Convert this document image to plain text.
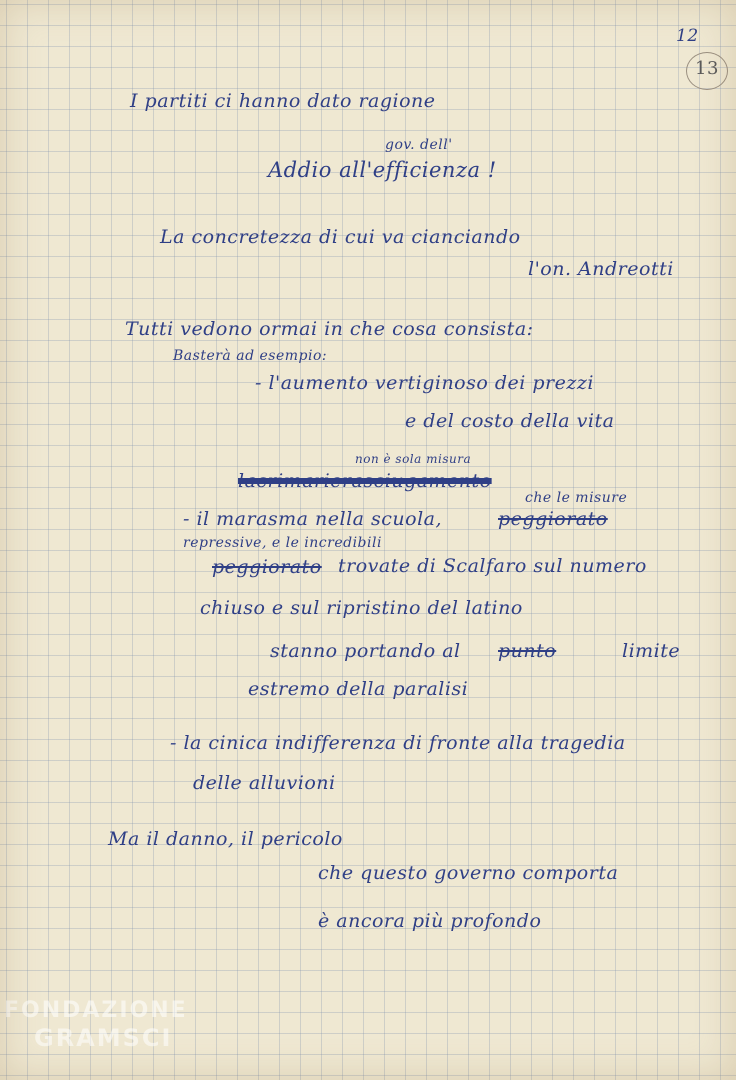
12
13
I partiti ci hanno dato ragione
gov. dell'
Addio all'efficienza !
La concretezza di cui va cianciando
l'on. Andreotti
Tutti vedono ormai in che cosa consista:
Basterà ad esempio:
- l'aumento vertiginoso dei prezzi
e del costo della vita
non è sola misura
lacrimarierasciugamento
che le misure
- il marasma nella scuola,	peggiorato
repressive, e le incredibili
peggiorato trovate di Scalfaro sul numero
chiuso e sul ripristino del latino
stanno portando al punto	limite
estremo della paralisi
- la cinica indifferenza di fronte alla tragedia
delle alluvioni
Ma il danno, il pericolo
che questo governo comporta
è ancora più profondo
FONDAZIONE
GRAMSCI
